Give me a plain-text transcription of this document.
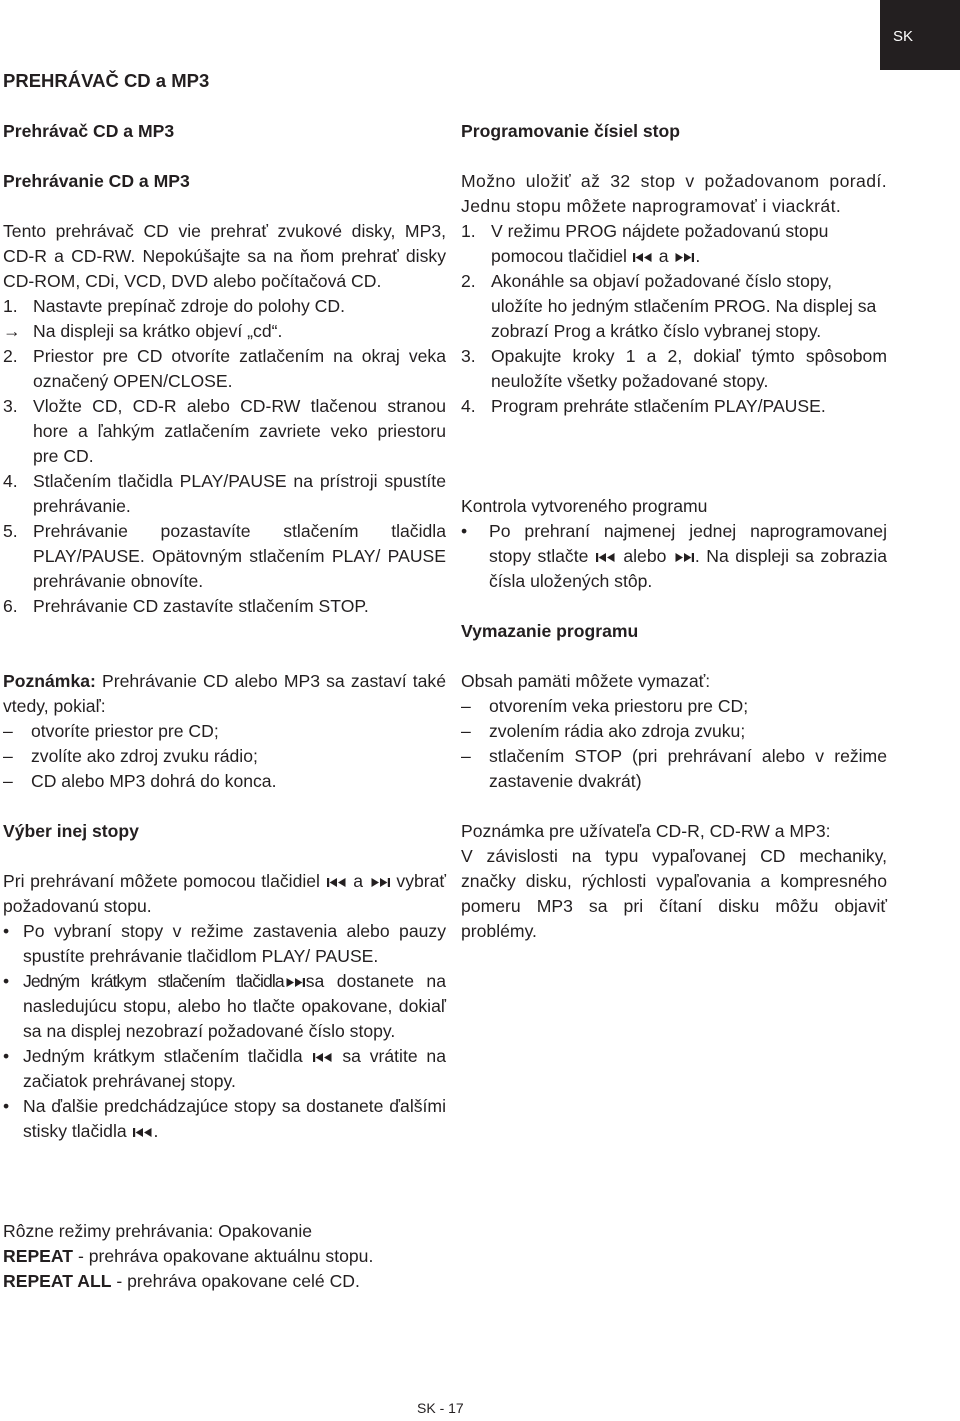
SK
PREHRÁVAČ CD a MP3
Prehrávač CD a MP3
Prehrávanie CD a MP3

Tento prehrávač CD vie prehrať zvukové disky, MP3, CD-R a CD-RW. Nepokúšajte sa na ňom prehrať disky CD-ROM, CDi, VCD, DVD alebo počítačová CD.

1. Nastavte prepínač zdroje do polohy CD.
→ Na displeji sa krátko objeví „cd“.
2. Priestor pre CD otvoríte zatlačením na okraj veka označený OPEN/CLOSE.
3. Vložte CD, CD-R alebo CD-RW tlačenou stranou hore a ľahkým zatlačením zavriete veko priestoru pre CD.
4. Stlačením tlačidla PLAY/PAUSE na prístroji spustíte prehrávanie.
5. Prehrávanie pozastavíte stlačením tlačidla PLAY/PAUSE. Opätovným stlačením PLAY/ PAUSE prehrávanie obnovíte.
6. Prehrávanie CD zastavíte stlačením STOP.

Poznámka: Prehrávanie CD alebo MP3 sa zastaví také vtedy, pokiaľ:

– otvoríte priestor pre CD;
– zvolíte ako zdroj zvuku rádio;
– CD alebo MP3 dohrá do konca.
Výber inej stopy

Pri prehrávaní môžete pomocou tlačidiel a vybrať požadovanú stopu.

• Po vybraní stopy v režime zastavenia alebo pauzy spustíte prehrávanie tlačidlom PLAY/ PAUSE.
• Jedným krátkym stlačením tlačidla sa dostanete na nasledujúcu stopu, alebo ho tlačte opakovane, dokiaľ sa na displej nezobrazí požadované číslo stopy.
• Jedným krátkym stlačením tlačidla sa vrátite na začiatok prehrávanej stopy.
• Na ďalšie predchádzajúce stopy sa dostanete ďalšími stisky tlačidla .
Rôzne režimy prehrávania: Opakovanie
REPEAT - prehráva opakovane aktuálnu stopu.
REPEAT ALL - prehráva opakovane celé CD.
Programovanie čísiel stop

Možno uložiť až 32 stop v požadovanom poradí. Jednu stopu môžete naprogramovať i viackrát.

1. V režimu PROG nájdete požadovanú stopu pomocou tlačidiel a .
2. Akonáhle sa objaví požadované číslo stopy, uložíte ho jedným stlačením PROG. Na displej sa zobrazí Prog a krátko číslo vybranej stopy.
3. Opakujte kroky 1 a 2, dokiaľ týmto spôsobom neuložíte všetky požadované stopy.
4. Program prehráte stlačením PLAY/PAUSE.
Kontrola vytvoreného programu
• Po prehraní najmenej jednej naprogramovanej stopy stlačte alebo . Na displeji sa zobrazia čísla uložených stôp.
Vymazanie programu
Obsah pamäti môžete vymazať:
– otvorením veka priestoru pre CD;
– zvolením rádia ako zdroja zvuku;
– stlačením STOP (pri prehrávaní alebo v režime zastavenie dvakrát)
Poznámka pre užívateľa CD-R, CD-RW a MP3:

V závislosti na typu vypaľovanej CD mechaniky, značky disku, rýchlosti vypaľovania a kompresného pomeru MP3 sa pri čítaní disku môžu objaviť problémy.

SK - 17
